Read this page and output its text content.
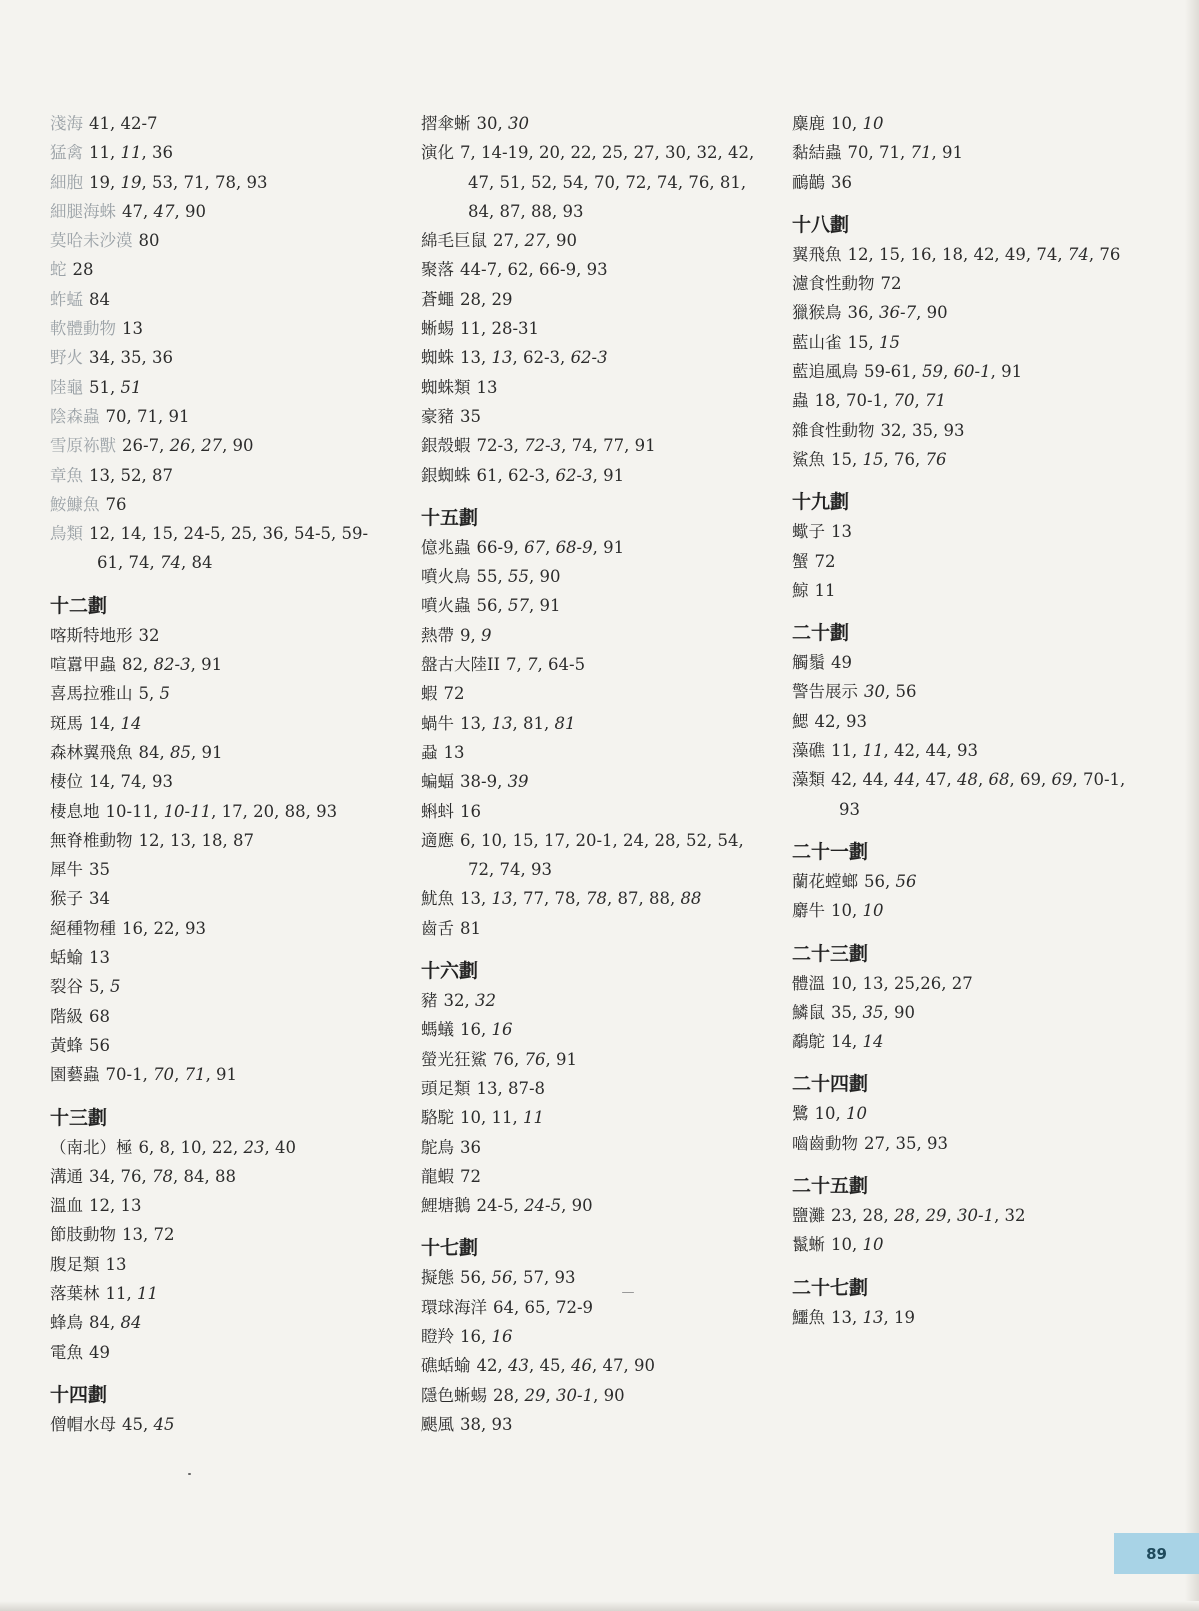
淺海 41, 42-7
猛禽 11, 11, 36
細胞 19, 19, 53, 71, 78, 93
細腿海蛛 47, 47, 90
莫哈未沙漠 80
蛇 28
蚱蜢 84
軟體動物 13
野火 34, 35, 36
陸龜 51, 51
陰森蟲 70, 71, 91
雪原袮獸 26-7, 26, 27, 90
章魚 13, 52, 87
鮟鱇魚 76
鳥類 12, 14, 15, 24-5, 25, 36, 54-5, 59-61, 74, 74, 84
十二劃
喀斯特地形 32
喧囂甲蟲 82, 82-3, 91
喜馬拉雅山 5, 5
斑馬 14, 14
森林翼飛魚 84, 85, 91
棲位 14, 74, 93
棲息地 10-11, 10-11, 17, 20, 88, 93
無脊椎動物 12, 13, 18, 87
犀牛 35
猴子 34
絕種物種 16, 22, 93
蛞蝓 13
裂谷 5, 5
階級 68
黃蜂 56
園藝蟲 70-1, 70, 71, 91
十三劃
（南北）極 6, 8, 10, 22, 23, 40
溝通 34, 76, 78, 84, 88
溫血 12, 13
節肢動物 13, 72
腹足類 13
落葉林 11, 11
蜂鳥 84, 84
電魚 49
十四劃
僧帽水母 45, 45
摺傘蜥 30, 30
演化 7, 14-19, 20, 22, 25, 27, 30, 32, 42, 47, 51, 52, 54, 70, 72, 74, 76, 81, 84, 87, 88, 93
綿毛巨鼠 27, 27, 90
聚落 44-7, 62, 66-9, 93
蒼蠅 28, 29
蜥蜴 11, 28-31
蜘蛛 13, 13, 62-3, 62-3
蜘蛛類 13
豪豬 35
銀殼蝦 72-3, 72-3, 74, 77, 91
銀蜘蛛 61, 62-3, 62-3, 91
十五劃
億兆蟲 66-9, 67, 68-9, 91
噴火鳥 55, 55, 90
噴火蟲 56, 57, 91
熱帶 9, 9
盤古大陸II 7, 7, 64-5
蝦 72
蝸牛 13, 13, 81, 81
蝨 13
蝙蝠 38-9, 39
蝌蚪 16
適應 6, 10, 15, 17, 20-1, 24, 28, 52, 54, 72, 74, 93
魷魚 13, 13, 77, 78, 78, 87, 88, 88
齒舌 81
十六劃
豬 32, 32
螞蟻 16, 16
螢光狂鯊 76, 76, 91
頭足類 13, 87-8
駱駝 10, 11, 11
鴕鳥 36
龍蝦 72
鯉塘鵝 24-5, 24-5, 90
十七劃
擬態 56, 56, 57, 93
環球海洋 64, 65, 72-9
瞪羚 16, 16
礁蛞蝓 42, 43, 45, 46, 47, 90
隱色蜥蜴 28, 29, 30-1, 90
颶風 38, 93
麋鹿 10, 10
黏結蟲 70, 71, 71, 91
鴯鶓 36
十八劃
翼飛魚 12, 15, 16, 18, 42, 49, 74, 74, 76
濾食性動物 72
獵猴鳥 36, 36-7, 90
藍山雀 15, 15
藍追風鳥 59-61, 59, 60-1, 91
蟲 18, 70-1, 70, 71
雜食性動物 32, 35, 93
鯊魚 15, 15, 76, 76
十九劃
蠍子 13
蟹 72
鯨 11
二十劃
觸鬚 49
警告展示 30, 56
鰓 42, 93
藻礁 11, 11, 42, 44, 93
藻類 42, 44, 44, 47, 48, 68, 69, 69, 70-1, 93
二十一劃
蘭花螳螂 56, 56
麝牛 10, 10
二十三劃
體溫 10, 13, 25,26, 27
鱗鼠 35, 35, 90
鷸鴕 14, 14
二十四劃
鷺 10, 10
嚙齒動物 27, 35, 93
二十五劃
鹽灘 23, 28, 28, 29, 30-1, 32
鬣蜥 10, 10
二十七劃
鱷魚 13, 13, 19
89
